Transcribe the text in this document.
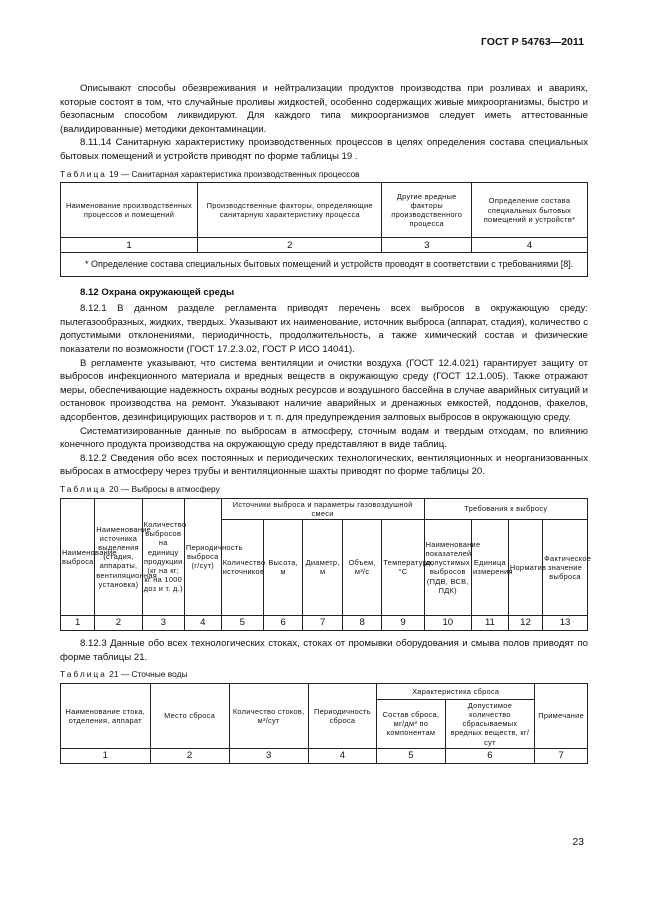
ГОСТ Р 54763—2011

Описывают способы обезвреживания и нейтрализации продуктов производства при розливах и авариях, которые состоят в том, что случайные проливы жидкостей, особенно содержащих живые микроорганизмы, быстро и безопасным способом ликвидируют. Для каждого типа микроорганизмов следует иметь аттестованные (валидированные) методики деконтаминации.

8.11.14 Санитарную характеристику производственных процессов в целях определения состава специальных бытовых помещений и устройств приводят по форме таблицы 19 .

Таблица 19 — Санитарная характеристика производственных процессов
Наименование производственных процессов и помещений	Производственные факторы, определяющие санитарную характеристику процесса	Другие вредные факторы производственного процесса	Определение состава специальных бытовых помещений и устройств*
1	2	3	4
* Определение состава специальных бытовых помещений и устройств проводят в соответствии с требованиями [8].			

8.12 Охрана окружающей среды

8.12.1 В данном разделе регламента приводят перечень всех выбросов в окружающую среду: пылегазообразных, жидких, твердых. Указывают их наименование, источник выброса (аппарат, стадия), количество с допустимыми отклонениями, периодичность, продолжительность, а также химический состав и физические показатели по возможности (ГОСТ 17.2.3.02, ГОСТ Р ИСО 14041).

В регламенте указывают, что система вентиляции и очистки воздуха (ГОСТ 12.4.021) гарантирует защиту от выбросов инфекционного материала и вредных веществ в окружающую среду (ГОСТ 12.1.005). Также отражают меры, обеспечивающие надежность охраны водных ресурсов и воздушного бассейна в случае аварийных ситуаций и остановок производства на ремонт. Указывают наличие аварийных и дренажных емкостей, поддонов, факелов, адсорбентов, дезинфицирующих растворов и т. п. для предупреждения залповых выбросов в окружающую среду.

Систематизированные данные по выбросам в атмосферу, сточным водам и твердым отходам, по влиянию конечного продукта производства на окружающую среду представляют в виде таблиц.

8.12.2 Сведения обо всех постоянных и периодических технологических, вентиляционных и неорганизованных выбросах в атмосферу через трубы и вентиляционные шахты приводят по форме таблицы 20.

Таблица 20 — Выбросы в атмосферу
Наименование выброса	Наименование источника выделения (стадия, аппараты, вентиляционная установка)	Количество выбросов на единицу продукции (кг на кг; кг на 1000 доз и т. д.)	Периодичность выброса (г/сут)	Источники выброса и параметры газовоздушной смеси					Требования к выбросу			
				Количество источников	Высота, м	Диаметр, м	Объем, м³/с	Температура, °С	Наименование показателей допустимых выбросов (ПДВ, ВСВ, ПДК)	Единица измерения	Норматив	Фактическое значение выброса
1	2	3	4	5	6	7	8	9	10	11	12	13

8.12.3 Данные обо всех технологических стоках, стоках от промывки оборудования и смыва полов приводят по форме таблицы 21.

Таблица 21 — Сточные воды
Наименование стока, отделения, аппарат	Место сброса	Количество стоков, м³/сут	Периодичность сброса	Характеристика сброса		Примечание
				Состав сброса, мг/дм³ по компонентам	Допустимое количество сбрасываемых вредных веществ, кг/сут	
1	2	3	4	5	6	7
23
